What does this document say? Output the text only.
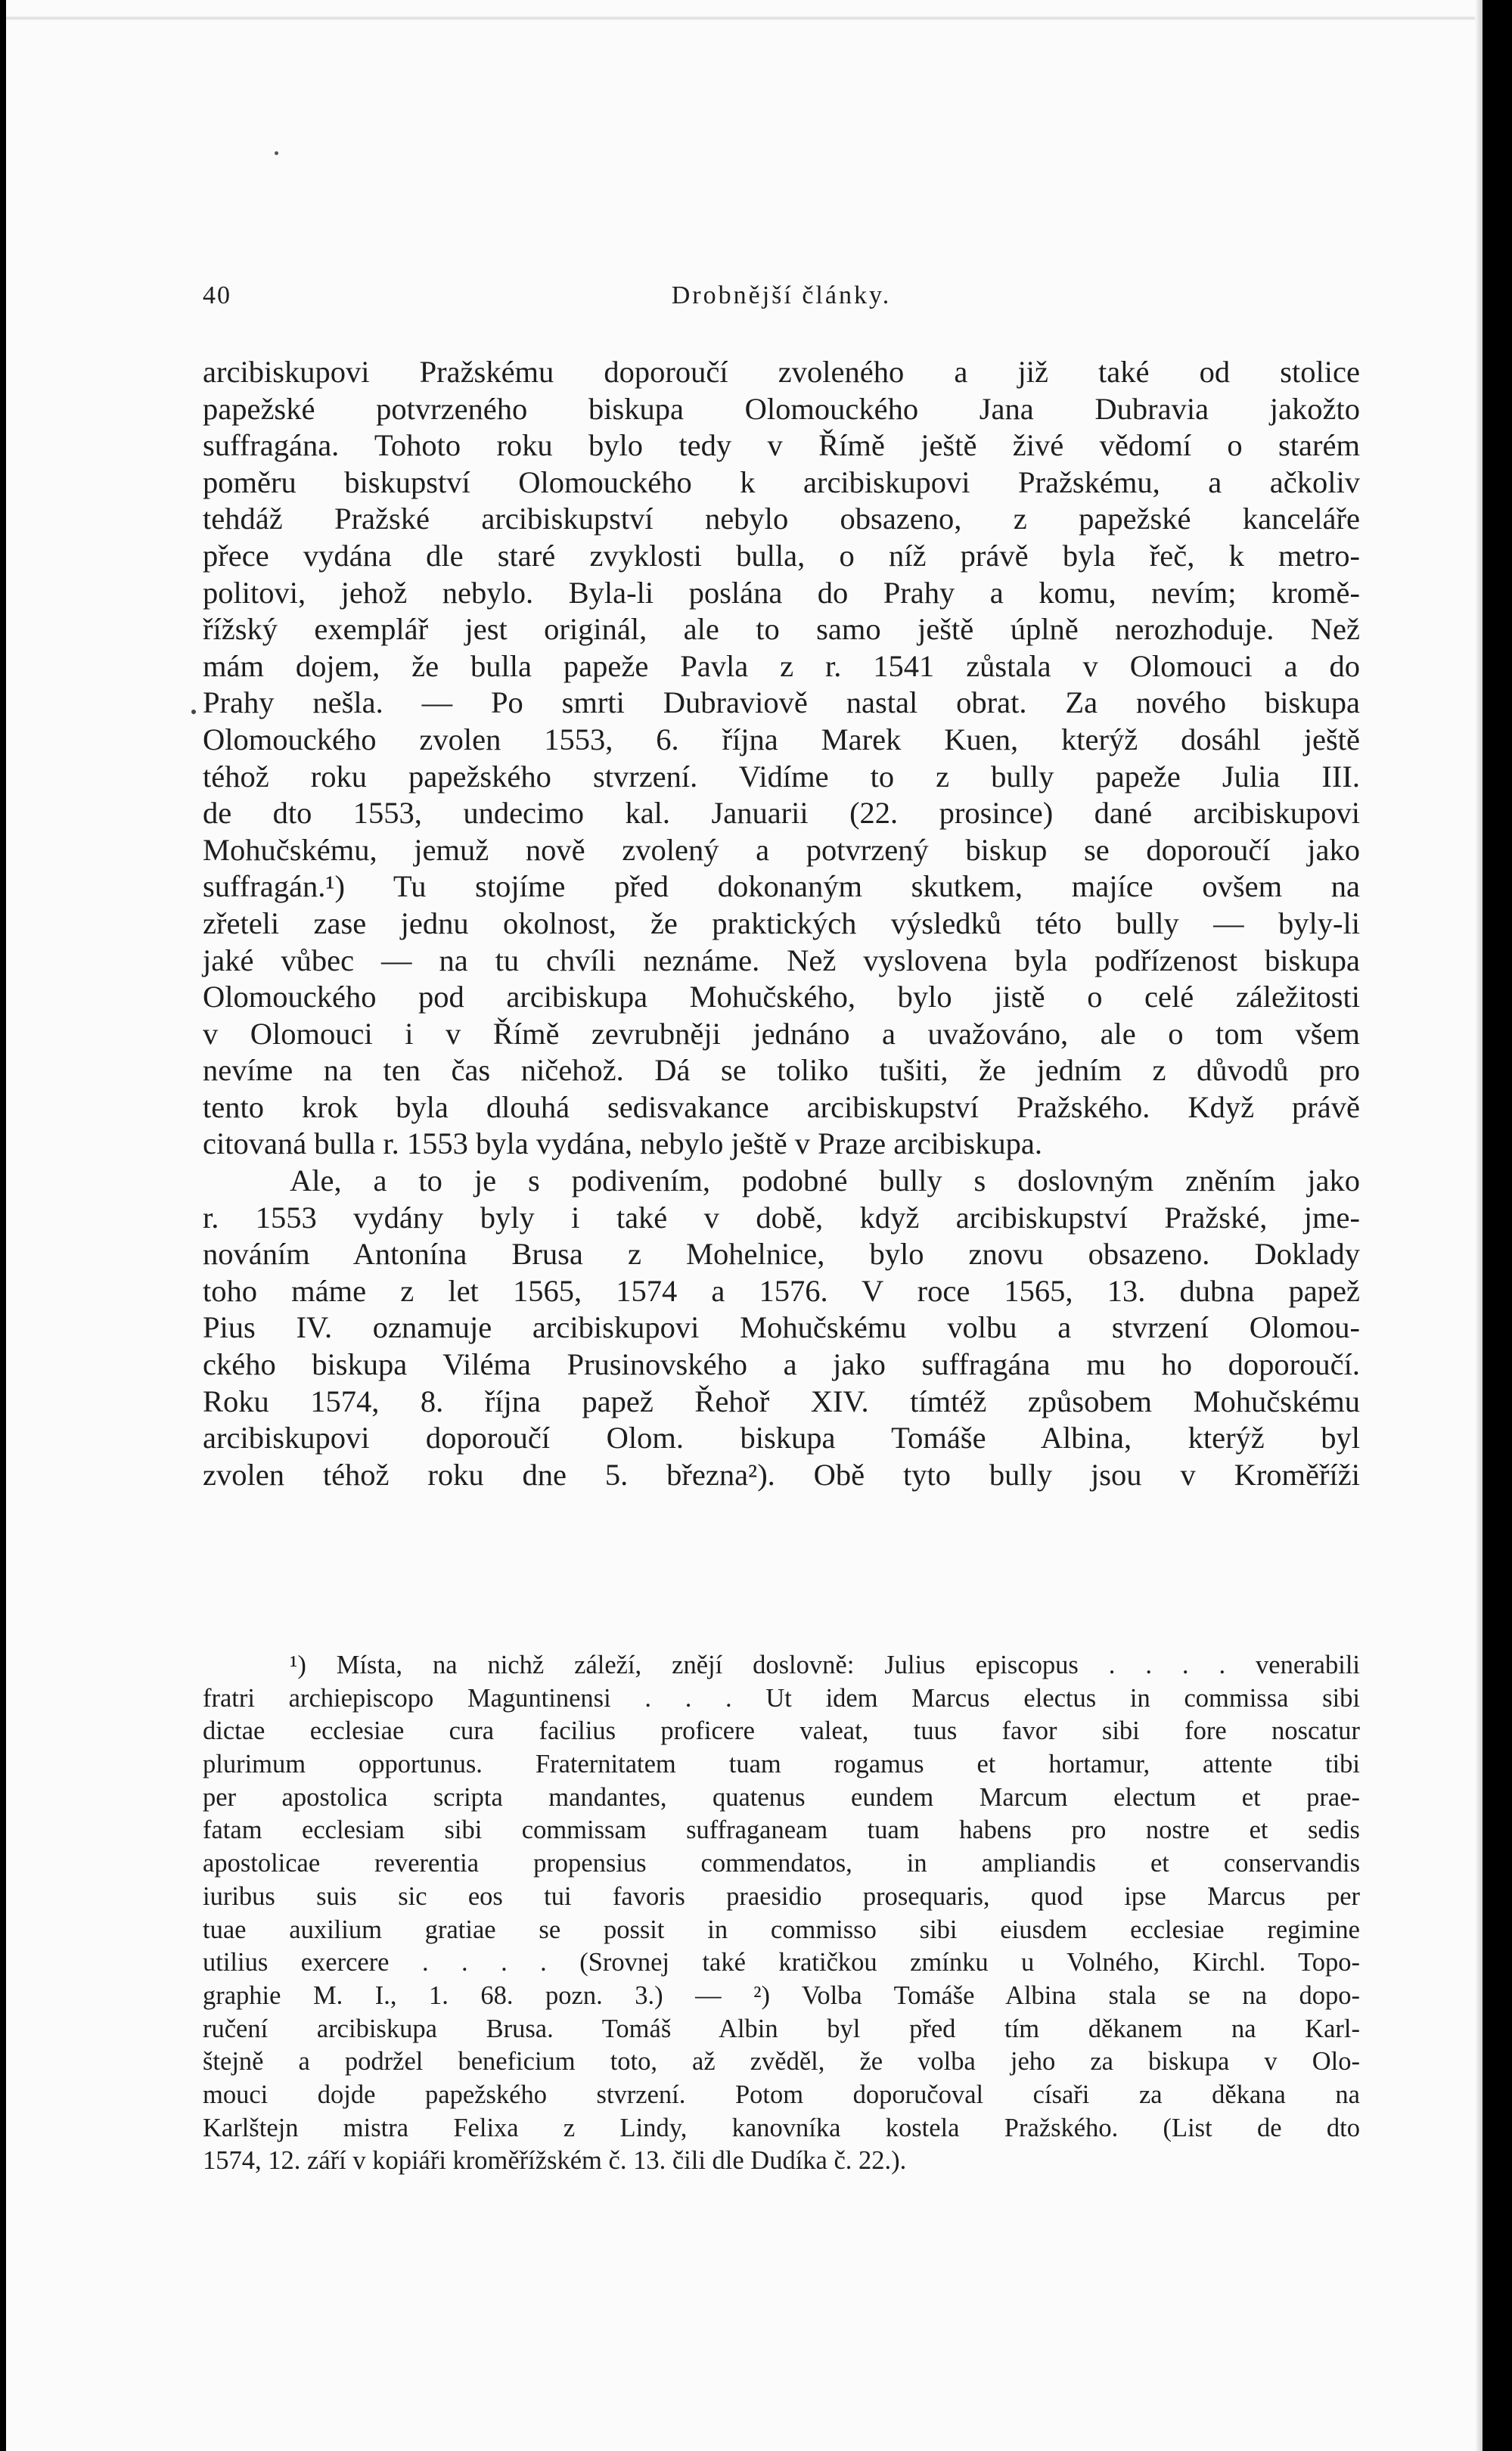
40	Drobnější články.
arcibiskupovi Pražskému doporoučí zvoleného a již také od stolice
papežské potvrzeného biskupa Olomouckého Jana Dubravia jakožto
suffragána. Tohoto roku bylo tedy v Římě ještě živé vědomí o starém
poměru biskupství Olomouckého k arcibiskupovi Pražskému, a ačkoliv
tehdáž Pražské arcibiskupství nebylo obsazeno, z papežské kanceláře
přece vydána dle staré zvyklosti bulla, o níž právě byla řeč, k metro-
politovi, jehož nebylo. Byla-li poslána do Prahy a komu, nevím; kromě-
řížský exemplář jest originál, ale to samo ještě úplně nerozhoduje. Než
mám dojem, že bulla papeže Pavla z r. 1541 zůstala v Olomouci a do
Prahy nešla. — Po smrti Dubraviově nastal obrat. Za nového biskupa
Olomouckého zvolen 1553, 6. října Marek Kuen, kterýž dosáhl ještě
téhož roku papežského stvrzení. Vidíme to z bully papeže Julia III.
de dto 1553, undecimo kal. Januarii (22. prosince) dané arcibiskupovi
Mohučskému, jemuž nově zvolený a potvrzený biskup se doporoučí jako
suffragán.¹) Tu stojíme před dokonaným skutkem, majíce ovšem na
zřeteli zase jednu okolnost, že praktických výsledků této bully — byly-li
jaké vůbec — na tu chvíli neznáme. Než vyslovena byla podřízenost biskupa
Olomouckého pod arcibiskupa Mohučského, bylo jistě o celé záležitosti
v Olomouci i v Římě zevrubněji jednáno a uvažováno, ale o tom všem
nevíme na ten čas ničehož. Dá se toliko tušiti, že jedním z důvodů pro
tento krok byla dlouhá sedisvakance arcibiskupství Pražského. Když právě
citovaná bulla r. 1553 byla vydána, nebylo ještě v Praze arcibiskupa.
Ale, a to je s podivením, podobné bully s doslovným zněním jako
r. 1553 vydány byly i také v době, když arcibiskupství Pražské, jme-
nováním Antonína Brusa z Mohelnice, bylo znovu obsazeno. Doklady
toho máme z let 1565, 1574 a 1576. V roce 1565, 13. dubna papež
Pius IV. oznamuje arcibiskupovi Mohučskému volbu a stvrzení Olomou-
ckého biskupa Viléma Prusinovského a jako suffragána mu ho doporoučí.
Roku 1574, 8. října papež Řehoř XIV. tímtéž způsobem Mohučskému
arcibiskupovi doporoučí Olom. biskupa Tomáše Albina, kterýž byl
zvolen téhož roku dne 5. března²). Obě tyto bully jsou v Kroměříži
¹) Místa, na nichž záleží, znějí doslovně: Julius episcopus . . . . venerabili
fratri archiepiscopo Maguntinensi . . . Ut idem Marcus electus in commissa sibi
dictae ecclesiae cura facilius proficere valeat, tuus favor sibi fore noscatur
plurimum opportunus. Fraternitatem tuam rogamus et hortamur, attente tibi
per apostolica scripta mandantes, quatenus eundem Marcum electum et prae-
fatam ecclesiam sibi commissam suffraganeam tuam habens pro nostre et sedis
apostolicae reverentia propensius commendatos, in ampliandis et conservandis
iuribus suis sic eos tui favoris praesidio prosequaris, quod ipse Marcus per
tuae auxilium gratiae se possit in commisso sibi eiusdem ecclesiae regimine
utilius exercere . . . . (Srovnej také kratičkou zmínku u Volného, Kirchl. Topo-
graphie M. I., 1. 68. pozn. 3.) — ²) Volba Tomáše Albina stala se na dopo-
ručení arcibiskupa Brusa. Tomáš Albin byl před tím děkanem na Karl-
štejně a podržel beneficium toto, až zvěděl, že volba jeho za biskupa v Olo-
mouci dojde papežského stvrzení. Potom doporučoval císaři za děkana na
Karlštejn mistra Felixa z Lindy, kanovníka kostela Pražského. (List de dto
1574, 12. září v kopiáři kroměřížském č. 13. čili dle Dudíka č. 22.).
